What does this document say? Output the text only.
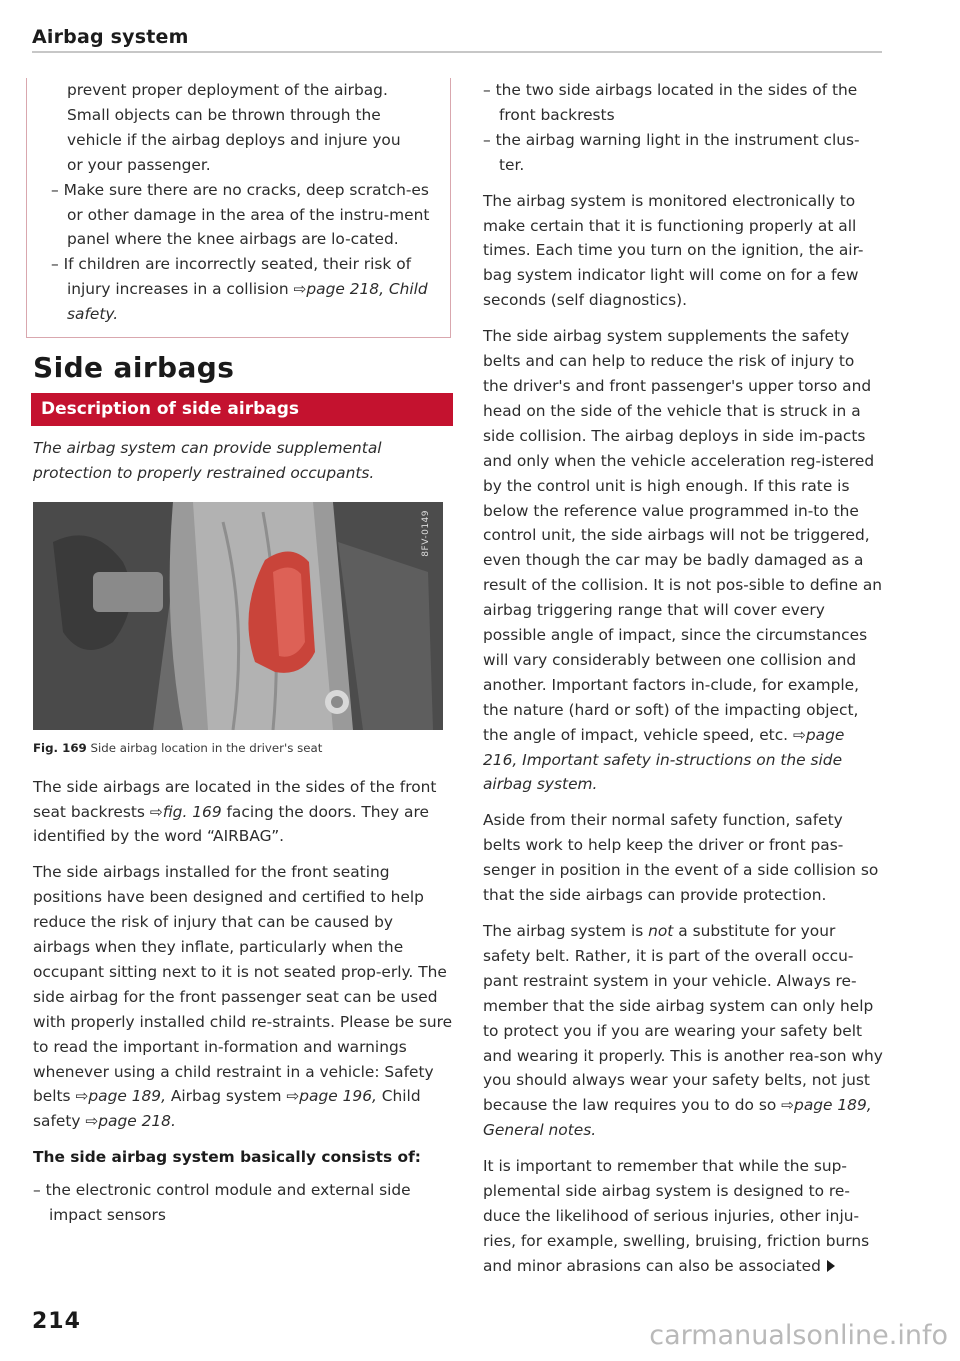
Airbag system

prevent proper deployment of the airbag.

Small objects can be thrown through the

vehicle if the airbag deploys and injure you

or your passenger.

– Make sure there are no cracks, deep scratch-es or other damage in the area of the instru-ment panel where the knee airbags are lo-cated.

– If children are incorrectly seated, their risk of injury increases in a collision ⇨page 218, Child safety.

Side airbags
Description of side airbags
The airbag system can provide supplemental protection to properly restrained occupants.
8FV-0149
Fig. 169 Side airbag location in the driver's seat

The side airbags are located in the sides of the front seat backrests ⇨fig. 169 facing the doors. They are identified by the word “AIRBAG”.

The side airbags installed for the front seating positions have been designed and certified to help reduce the risk of injury that can be caused by airbags when they inflate, particularly when the occupant sitting next to it is not seated prop-erly. The side airbag for the front passenger seat can be used with properly installed child re-straints. Please be sure to read the important in-formation and warnings whenever using a child restraint in a vehicle: Safety belts ⇨page 189, Airbag system ⇨page 196, Child safety ⇨page 218.

The side airbag system basically consists of:

– the electronic control module and external side impact sensors

– the two side airbags located in the sides of the front backrests

– the airbag warning light in the instrument clus-ter.

The airbag system is monitored electronically to make certain that it is functioning properly at all times. Each time you turn on the ignition, the air-bag system indicator light will come on for a few seconds (self diagnostics).

The side airbag system supplements the safety belts and can help to reduce the risk of injury to the driver's and front passenger's upper torso and head on the side of the vehicle that is struck in a side collision. The airbag deploys in side im-pacts and only when the vehicle acceleration reg-istered by the control unit is high enough. If this rate is below the reference value programmed in-to the control unit, the side airbags will not be triggered, even though the car may be badly damaged as a result of the collision. It is not pos-sible to define an airbag triggering range that will cover every possible angle of impact, since the circumstances will vary considerably between one collision and another. Important factors in-clude, for example, the nature (hard or soft) of the impacting object, the angle of impact, vehicle speed, etc. ⇨page 216, Important safety in-structions on the side airbag system.

Aside from their normal safety function, safety belts work to help keep the driver or front pas-senger in position in the event of a side collision so that the side airbags can provide protection.

The airbag system is not a substitute for your safety belt. Rather, it is part of the overall occu-pant restraint system in your vehicle. Always re-member that the side airbag system can only help to protect you if you are wearing your safety belt and wearing it properly. This is another rea-son why you should always wear your safety belts, not just because the law requires you to do so ⇨page 189, General notes.

It is important to remember that while the sup-plemental side airbag system is designed to re-duce the likelihood of serious injuries, other inju-ries, for example, swelling, bruising, friction burns and minor abrasions can also be associated

214	carmanualsonline.info
